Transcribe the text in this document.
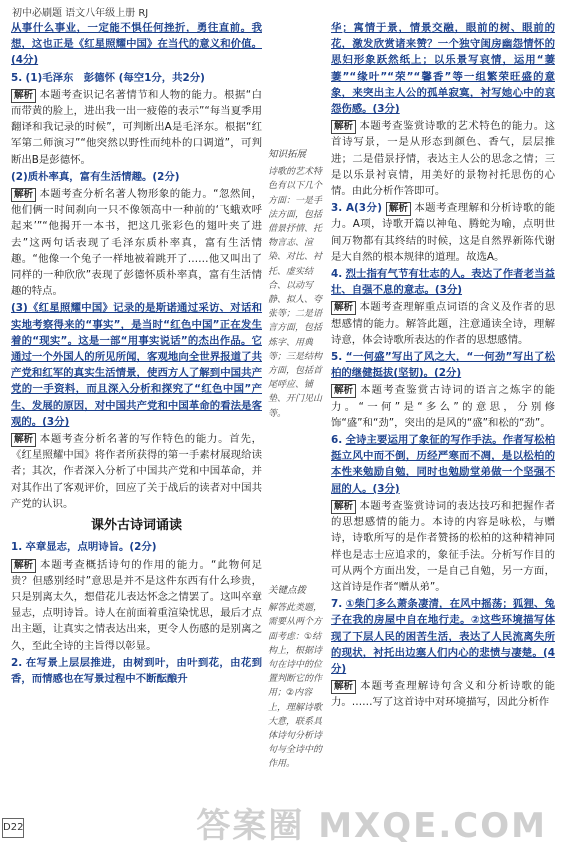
初中必刷题 语文八年级上册 RJ

从事什么事业，一定能不惧任何挫折，勇往直前。我想，这也正是《红星照耀中国》在当代的意义和价值。(4分)

5. (1)毛泽东　彭德怀 (每空1分，共2分)

解析 本题考查识记名著情节和人物的能力。根据“白而带黄的脸上，进出我一出一疲倦的表示”“每当夏季用翻译和我记录的时候”，可判断出A是毛泽东。根据“红军第二师演习”“他突然以野性而纯朴的口调道”，可判断出B是彭德怀。

(2)质朴率真，富有生活情趣。(2分)

解析 本题考查分析名著人物形象的能力。“忽然间，他们俩一时间刹向一只不像领高中一种前的‘飞蛾欢呼起来’”“他揭开一本书，把这几张彩色的翅叶夹了进去”这两句话表现了毛泽东质朴率真，富有生活情趣。“他像一个兔子一样地被着跳开了……他又叫出了同样的一种欣欣”表现了彭德怀质朴率真，富有生活情趣的特点。

(3)《红星照耀中国》记录的是斯诺通过采访、对话和实地考察得来的“事实”，是当时“红色中国”正在发生着的“现实”。这是一部“用事实说话”的杰出作品。它通过一个外国人的所见所闻，客观地向全世界报道了共产党和红军的真实生活情景，使西方人了解到中国共产党的一手资料，而且深入分析和探究了“红色中国”产生、发展的原因，对中国共产党和中国革命的看法是客观的。(3分)

解析 本题考查分析名著的写作特色的能力。首先，《红星照耀中国》将作者所获得的第一手素材展现给读者；其次，作者深入分析了中国共产党和中国革命，并对其作出了客观评价，回应了关于战后的读者对中国共产党的认识。

课外古诗词诵读

1. 卒章显志，点明诗旨。(2分)

解析 本题考查概括诗句的作用的能力。“此物何足贵？但感别经时”意思是并不是这件东西有什么珍贵，只是别离太久，想借花儿表达怀念之情罢了。这叫卒章显志，点明诗旨。诗人在前面着重渲染忧思，最后才点出主题，让真实之情表达出来，更令人伤感的是别离之久，至此全诗的主旨得以彰显。

2. 在写景上层层推进，由树到叶，由叶到花，由花到香，而情感也在写景过程中不断酝酿升

知识拓展
诗歌的艺术特色有以下几个方面：一是手法方面，包括借景抒情、托物言志、渲染、对比、衬托、虚实结合、以动写静、拟人、夸张等；二是语言方面，包括炼字、用典等；三是结构方面，包括首尾呼应、铺垫、开门见山等。
关键点拨
解答此类题，需要从两个方面考虑：①结构上，根据诗句在诗中的位置判断它的作用；②内容上，理解诗歌大意，联系具体诗句分析诗句与全诗中的作用。

华；寓情于景，情景交融，眼前的树、眼前的花，激发欣赏诸来赞？一个独守闺房幽怨情怀的思妇形象跃然纸上；以乐景写哀情，运用“萋萋”“缘叶”“荣”“馨香”等一组繁荣旺盛的意象，来突出主人公的孤单寂寞，衬写她心中的哀怨伤感。(3分)

解析 本题考查鉴赏诗歌的艺术特色的能力。这首诗写景，一是从形态到颜色、香气，层层推进；二是借景抒情，表达主人公的思念之情；三是以乐景衬哀情，用美好的景物衬托思伤的心情。由此分析作答即可。

3. A(3分) 解析 本题考查理解和分析诗歌的能力。A项，诗歌开篇以神龟、腾蛇为喻，点明世间万物都有其终结的时候，这是自然界新陈代谢是大自然的根本规律的道理。故选A。

4. 烈士指有气节有壮志的人。表达了作者老当益壮、自强不息的意志。(3分)

解析 本题考查理解重点词语的含义及作者的思想感情的能力。解答此题，注意通读全诗，理解诗意，体会诗歌所表达的作者的思想感情。

5. “一何盛”写出了风之大，“一何劲”写出了松柏的继健挺拔(坚韧)。(2分)

解析 本题考查鉴赏古诗词的语言之炼字的能力。“一何”是“多么”的意思，分别修饰“盛”和“劲”，突出的是风的“盛”和松的“劲”。

6. 全诗主要运用了象征的写作手法。作者写松柏挺立风中而不倒，历经严寒而不凋，是以松柏的本性来勉励自勉，同时也勉励堂弟做一个坚强不屈的人。(3分)

解析 本题考查鉴赏诗词的表达技巧和把握作者的思想感情的能力。本诗的内容是咏松，与赠诗，诗歌所写的是作者赞扬的松柏的这种精神同样也是志士应追求的，象征手法。分析写作目的可从两个方面出发，一是自己自勉，另一方面，这首诗是作者“赠从弟”。

7. ①柴门多么萧条凄清，在风中摇荡；狐狸、兔子在我的房屋中自在地行走。②这些环境描写体现了下层人民的困苦生活，表达了人民流离失所的现状，衬托出边塞人们内心的悲愤与凄楚。(4分)

解析 本题考查理解诗句含义和分析诗歌的能力。……写了这首诗中对环境描写，因此分析作

D22	答案圈 MXQE.COM
